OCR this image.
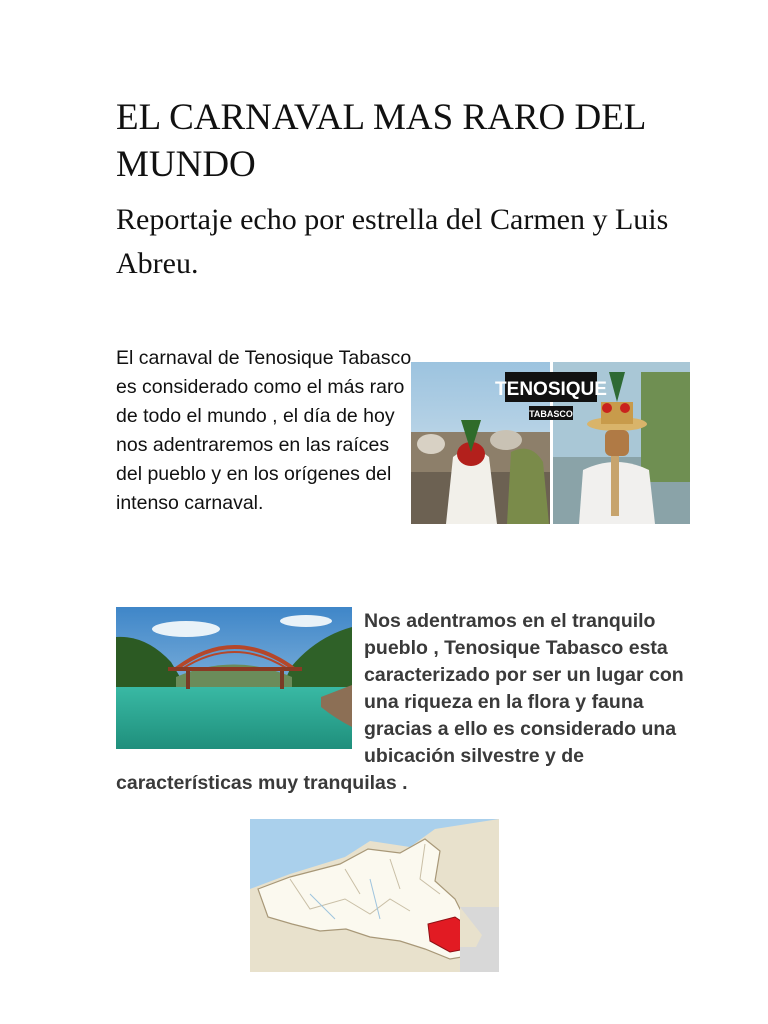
EL CARNAVAL MAS RARO DEL MUNDO
Reportaje echo por estrella del Carmen y Luis Abreu.

El carnaval de Tenosique Tabasco es considerado como el más raro de todo el mundo , el día de hoy nos adentraremos en las raíces del pueblo y en los orígenes del intenso carnaval.

TENOSIQUE
TABASCO

Nos adentramos en el tranquilo pueblo , Tenosique Tabasco esta caracterizado por ser un lugar con una riqueza en la flora y fauna gracias a ello es considerado una ubicación silvestre y de características muy tranquilas .
